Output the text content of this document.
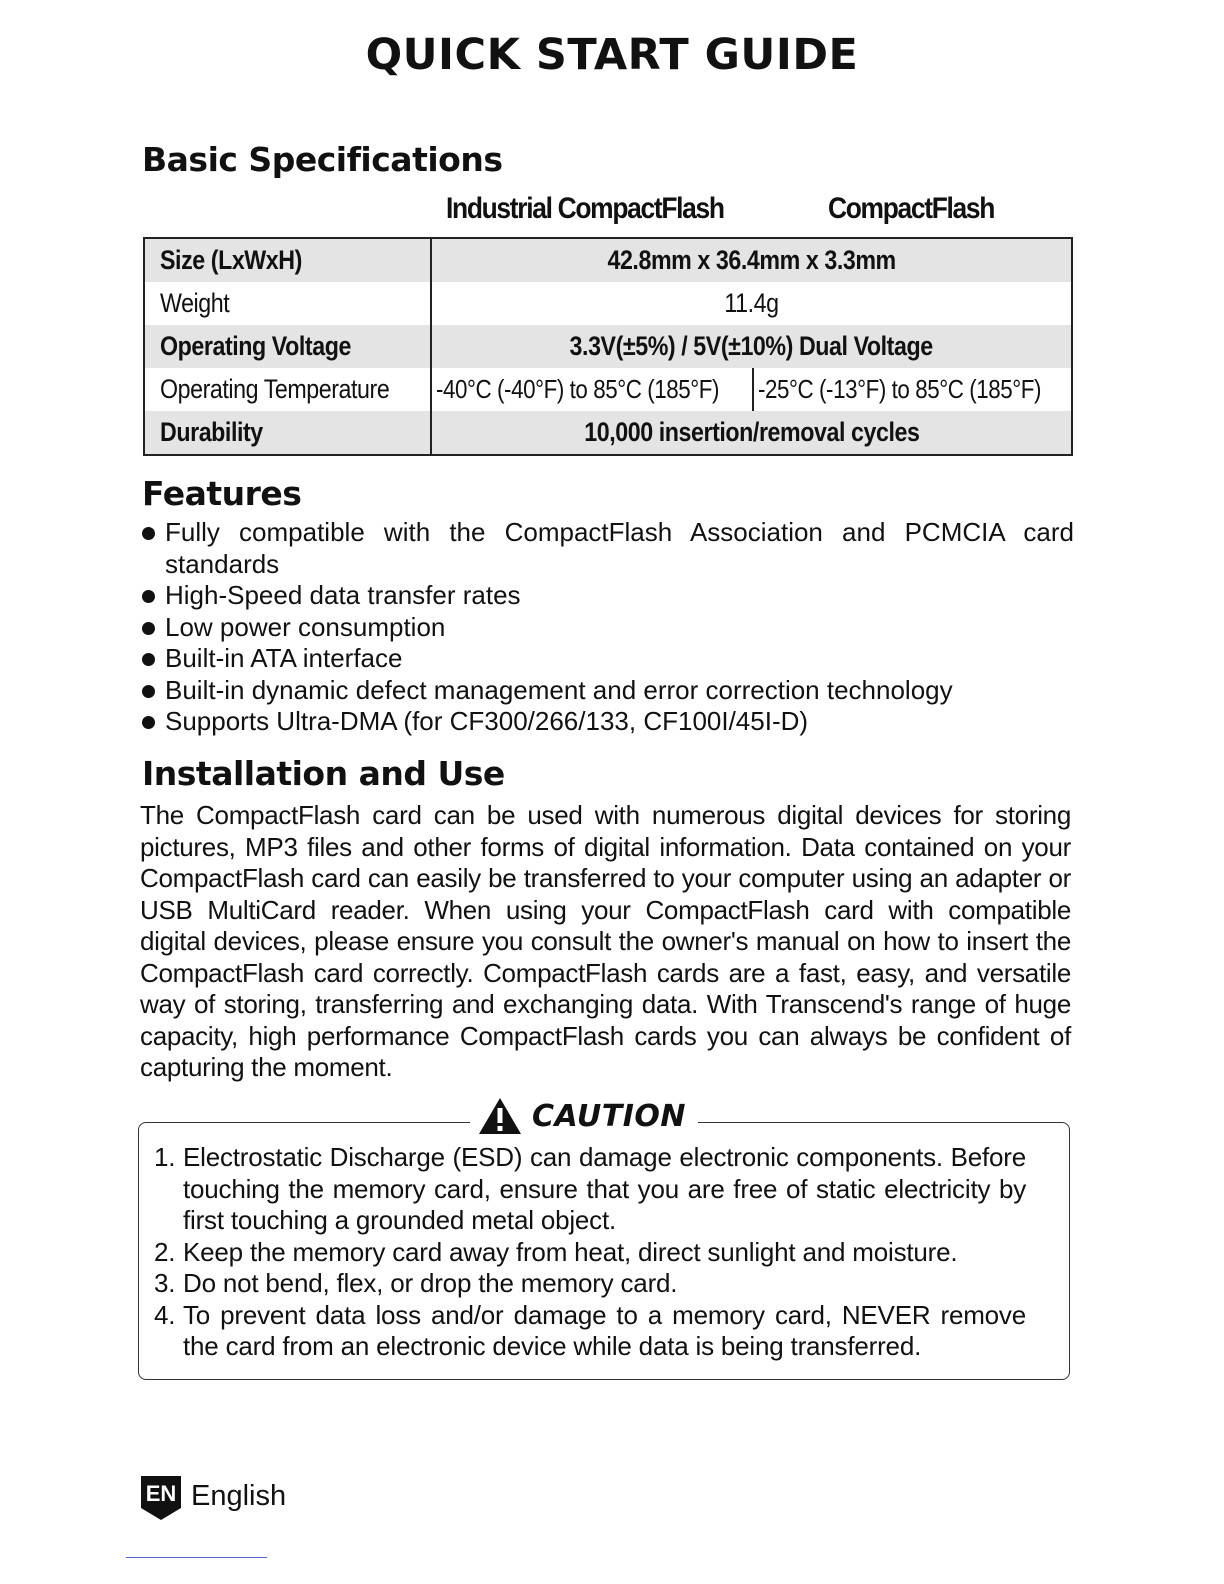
QUICK START GUIDE
Basic Specifications
Industrial CompactFlash	CompactFlash
Size (LxWxH)	42.8mm x 36.4mm x 3.3mm	
Weight	11.4g	
Operating Voltage	3.3V(±5%) / 5V(±10%) Dual Voltage	
Operating Temperature	-40°C (-40°F) to 85°C (185°F)	-25°C (-13°F) to 85°C (185°F)
Durability	10,000 insertion/removal cycles	
Features
Fully compatible with the CompactFlash Association and PCMCIA card standards
High-Speed data transfer rates
Low power consumption
Built-in ATA interface
Built-in dynamic defect management and error correction technology
Supports Ultra-DMA (for CF300/266/133, CF100I/45I-D)
Installation and Use

The CompactFlash card can be used with numerous digital devices for storing pictures, MP3 files and other forms of digital information. Data contained on your CompactFlash card can easily be transferred to your computer using an adapter or USB MultiCard reader. When using your CompactFlash card with compatible digital devices, please ensure you consult the owner's manual on how to insert the CompactFlash card correctly. CompactFlash cards are a fast, easy, and versatile way of storing, transferring and exchanging data. With Transcend's range of huge capacity, high performance CompactFlash cards you can always be confident of capturing the moment.

CAUTION
1. Electrostatic Discharge (ESD) can damage electronic components. Before touching the memory card, ensure that you are free of static electricity by first touching a grounded metal object.
2. Keep the memory card away from heat, direct sunlight and moisture.
3. Do not bend, flex, or drop the memory card.
4. To prevent data loss and/or damage to a memory card, NEVER remove the card from an electronic device while data is being transferred.
EN English
